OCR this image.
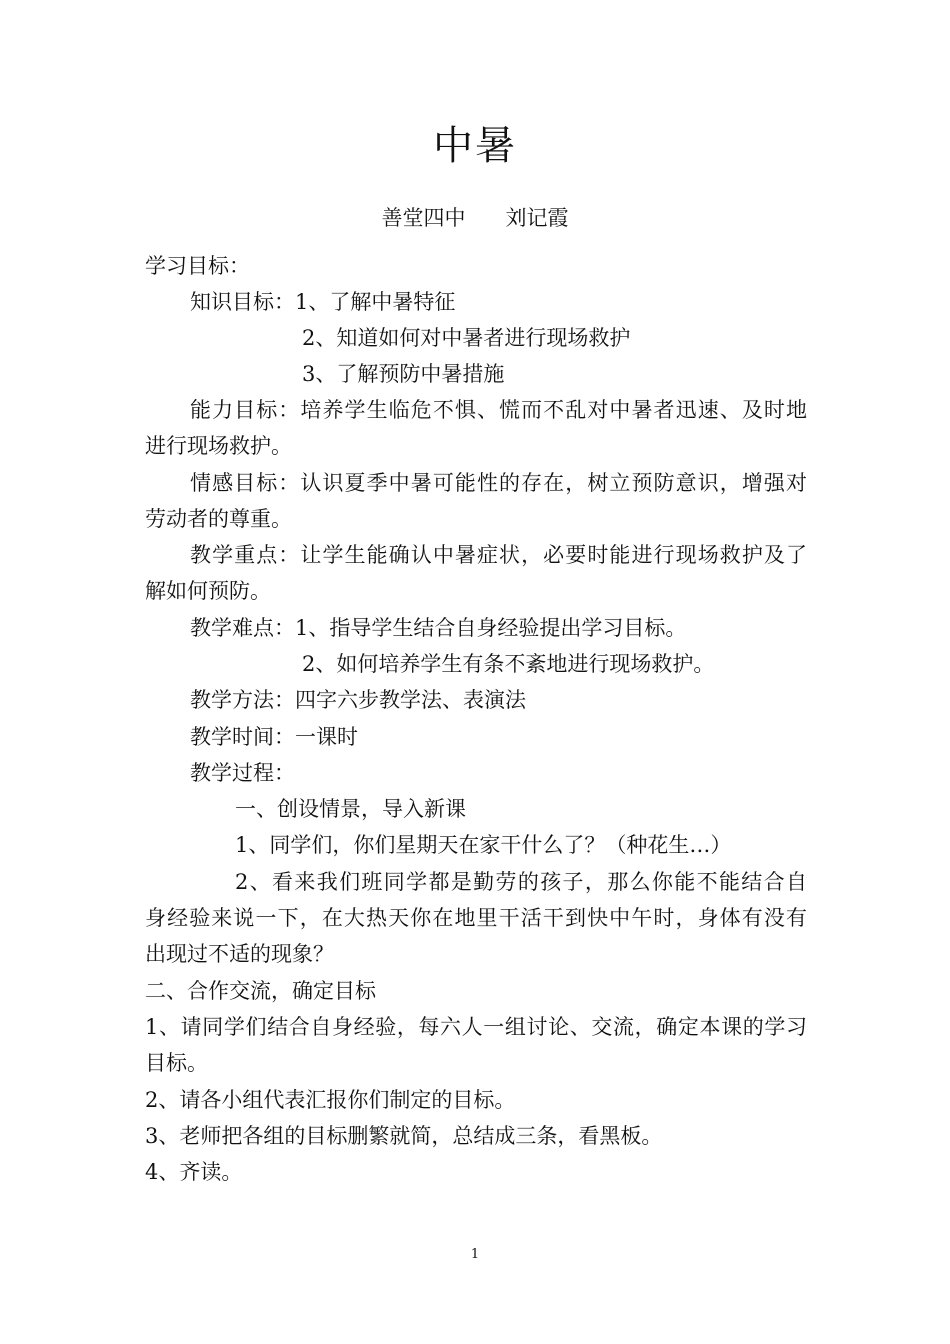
中暑
善堂四中      刘记霞
学习目标：
知识目标：1、了解中暑特征
2、知道如何对中暑者进行现场救护
3、了解预防中暑措施
能力目标：培养学生临危不惧、慌而不乱对中暑者迅速、及时地
进行现场救护。
情感目标：认识夏季中暑可能性的存在，树立预防意识，增强对
劳动者的尊重。
教学重点：让学生能确认中暑症状，必要时能进行现场救护及了
解如何预防。
教学难点：1、指导学生结合自身经验提出学习目标。
2、如何培养学生有条不紊地进行现场救护。
教学方法：四字六步教学法、表演法
教学时间：一课时
教学过程：
一、创设情景，导入新课
1、同学们，你们星期天在家干什么了？（种花生…）
2、看来我们班同学都是勤劳的孩子，那么你能不能结合自
身经验来说一下，在大热天你在地里干活干到快中午时，身体有没有
出现过不适的现象？
二、合作交流，确定目标
1、请同学们结合自身经验，每六人一组讨论、交流，确定本课的学习
目标。
2、请各小组代表汇报你们制定的目标。
3、老师把各组的目标删繁就简，总结成三条，看黑板。
4、齐读。
1
